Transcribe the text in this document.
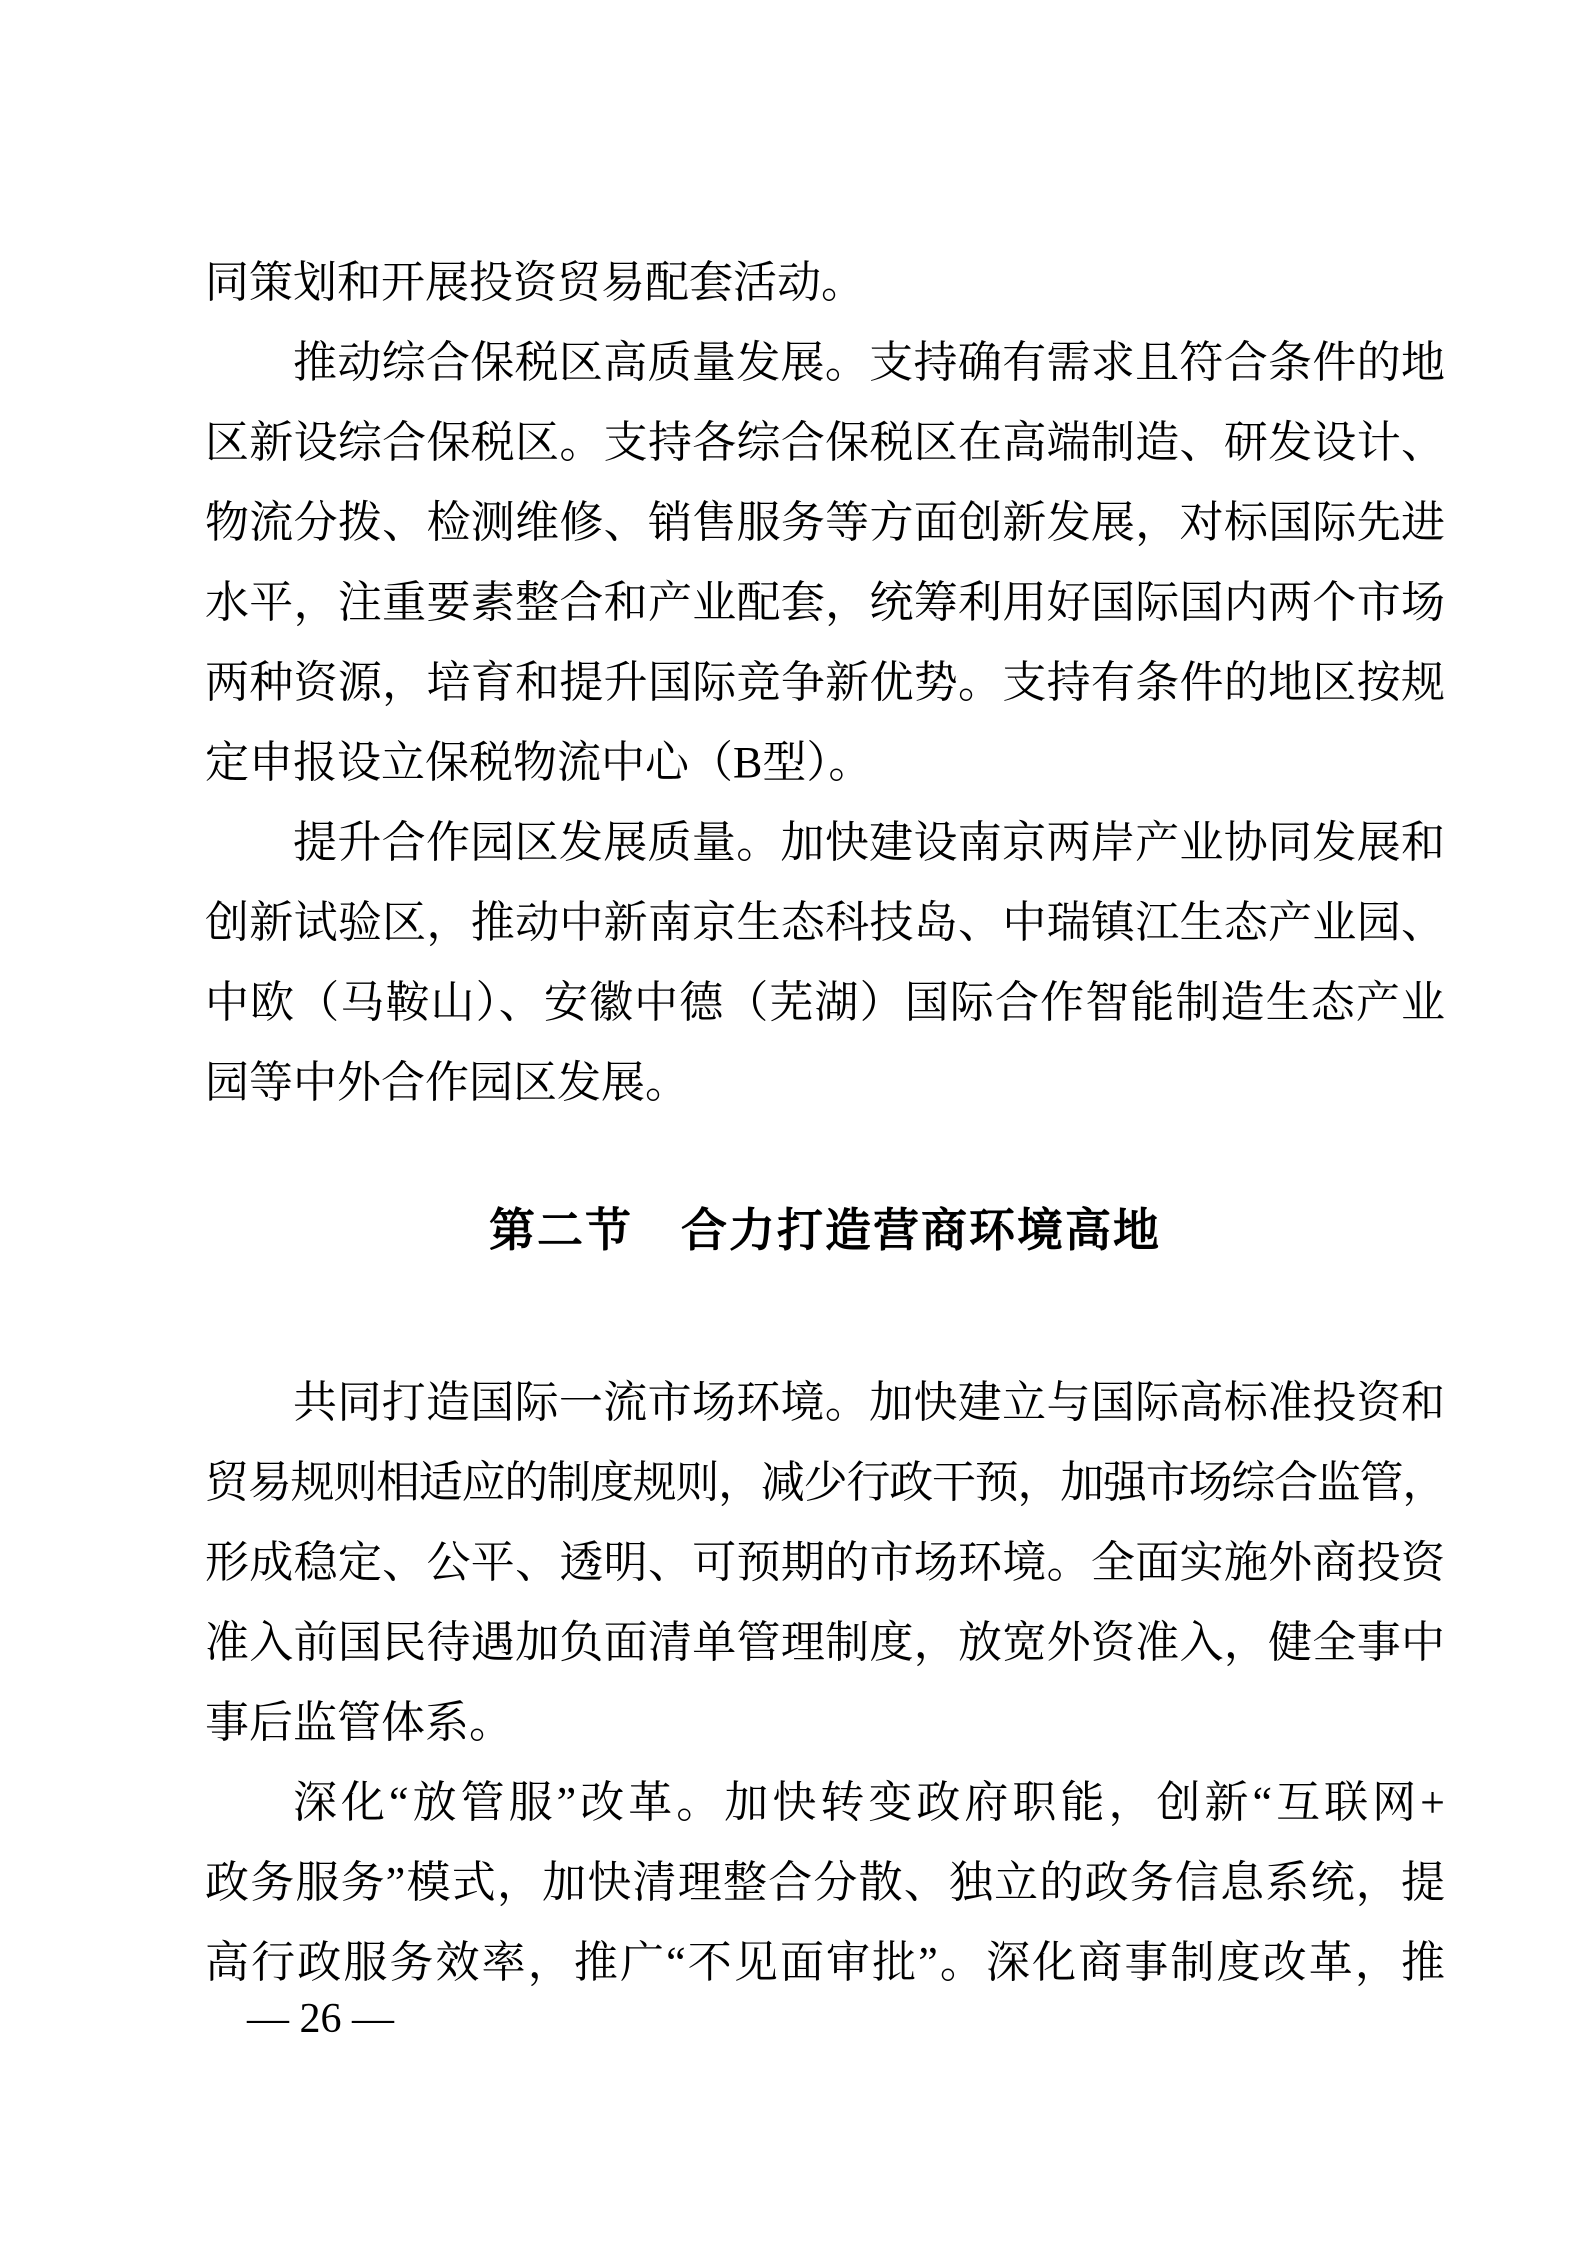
同策划和开展投资贸易配套活动。
推动综合保税区高质量发展。支持确有需求且符合条件的地
区新设综合保税区。支持各综合保税区在高端制造、研发设计、
物流分拨、检测维修、销售服务等方面创新发展，对标国际先进
水平，注重要素整合和产业配套，统筹利用好国际国内两个市场
两种资源，培育和提升国际竞争新优势。支持有条件的地区按规
定申报设立保税物流中心（B型）。
提升合作园区发展质量。加快建设南京两岸产业协同发展和
创新试验区，推动中新南京生态科技岛、中瑞镇江生态产业园、
中欧（马鞍山）、安徽中德（芜湖）国际合作智能制造生态产业
园等中外合作园区发展。
第二节　合力打造营商环境高地
共同打造国际一流市场环境。加快建立与国际高标准投资和
贸易规则相适应的制度规则，减少行政干预，加强市场综合监管，
形成稳定、公平、透明、可预期的市场环境。全面实施外商投资
准入前国民待遇加负面清单管理制度，放宽外资准入，健全事中
事后监管体系。
深化“放管服”改革。加快转变政府职能，创新“互联网+
政务服务”模式，加快清理整合分散、独立的政务信息系统，提
高行政服务效率，推广“不见面审批”。深化商事制度改革，推
— 26 —
